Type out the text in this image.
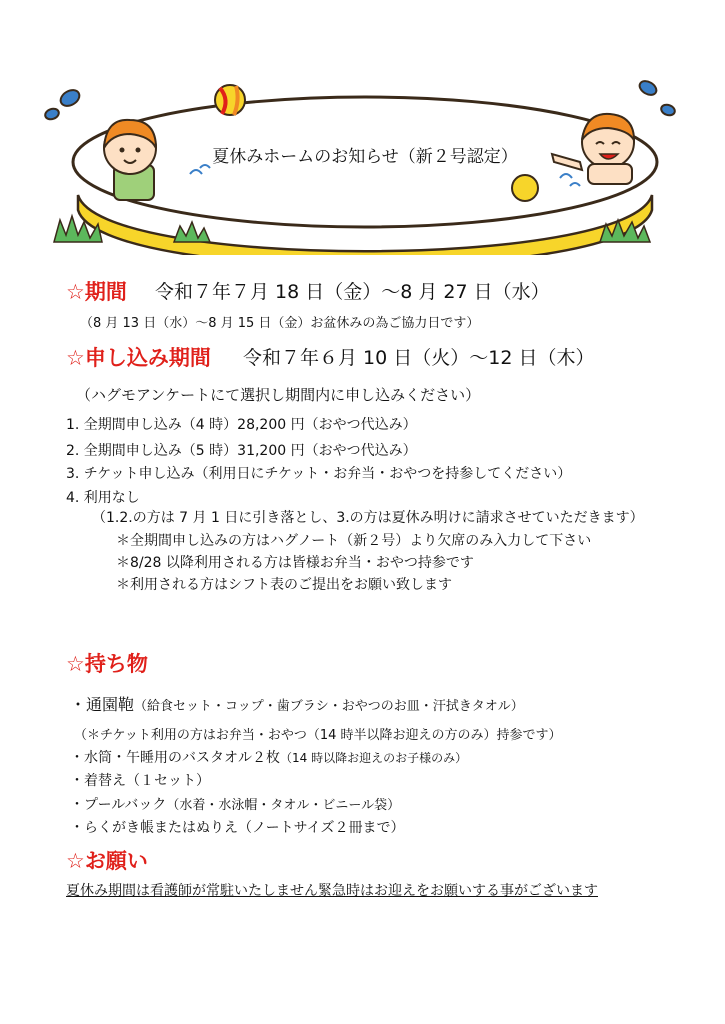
夏休みホームのお知らせ（新２号認定）
☆期間 令和７年７月 18 日（金）～8 月 27 日（水）
（8 月 13 日（水）～8 月 15 日（金）お盆休みの為ご協力日です）
☆申し込み期間 令和７年６月 10 日（火）～12 日（木）
（ハグモアンケートにて選択し期間内に申し込みください）
1. 全期間申し込み（4 時）28,200 円（おやつ代込み）
2. 全期間申し込み（5 時）31,200 円（おやつ代込み）
3. チケット申し込み（利用日にチケット・お弁当・おやつを持参してください）
4. 利用なし
（1.2.の方は 7 月 1 日に引き落とし、3.の方は夏休み明けに請求させていただきます）
＊全期間申し込みの方はハグノート（新２号）より欠席のみ入力して下さい
＊8/28 以降利用される方は皆様お弁当・おやつ持参です
＊利用される方はシフト表のご提出をお願い致します
☆持ち物
・通園鞄（給食セット・コップ・歯ブラシ・おやつのお皿・汗拭きタオル）
（＊チケット利用の方はお弁当・おやつ（14 時半以降お迎えの方のみ）持参です）
・水筒・午睡用のバスタオル２枚（14 時以降お迎えのお子様のみ）
・着替え（１セット）
・プールバック（水着・水泳帽・タオル・ビニール袋）
・らくがき帳またはぬりえ（ノートサイズ２冊まで）
☆お願い
夏休み期間は看護師が常駐いたしません緊急時はお迎えをお願いする事がございます
